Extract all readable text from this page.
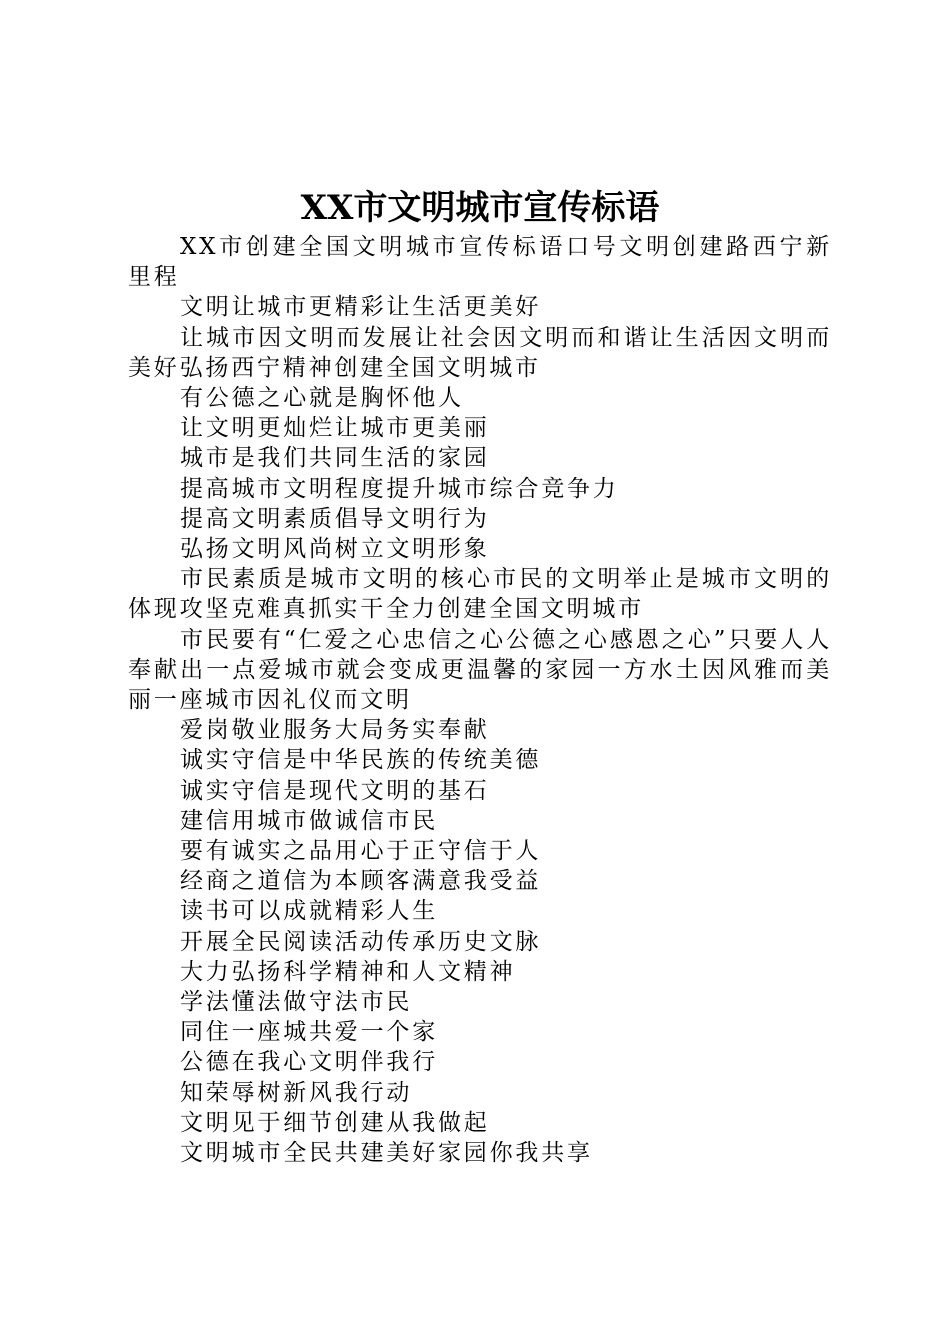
XX市文明城市宣传标语

XX市创建全国文明城市宣传标语口号文明创建路西宁新里程

文明让城市更精彩让生活更美好

让城市因文明而发展让社会因文明而和谐让生活因文明而美好弘扬西宁精神创建全国文明城市

有公德之心就是胸怀他人

让文明更灿烂让城市更美丽

城市是我们共同生活的家园

提高城市文明程度提升城市综合竞争力

提高文明素质倡导文明行为

弘扬文明风尚树立文明形象

市民素质是城市文明的核心市民的文明举止是城市文明的体现攻坚克难真抓实干全力创建全国文明城市

市民要有“仁爱之心忠信之心公德之心感恩之心”只要人人奉献出一点爱城市就会变成更温馨的家园一方水土因风雅而美丽一座城市因礼仪而文明

爱岗敬业服务大局务实奉献

诚实守信是中华民族的传统美德

诚实守信是现代文明的基石

建信用城市做诚信市民

要有诚实之品用心于正守信于人

经商之道信为本顾客满意我受益

读书可以成就精彩人生

开展全民阅读活动传承历史文脉

大力弘扬科学精神和人文精神

学法懂法做守法市民

同住一座城共爱一个家

公德在我心文明伴我行

知荣辱树新风我行动

文明见于细节创建从我做起

文明城市全民共建美好家园你我共享
